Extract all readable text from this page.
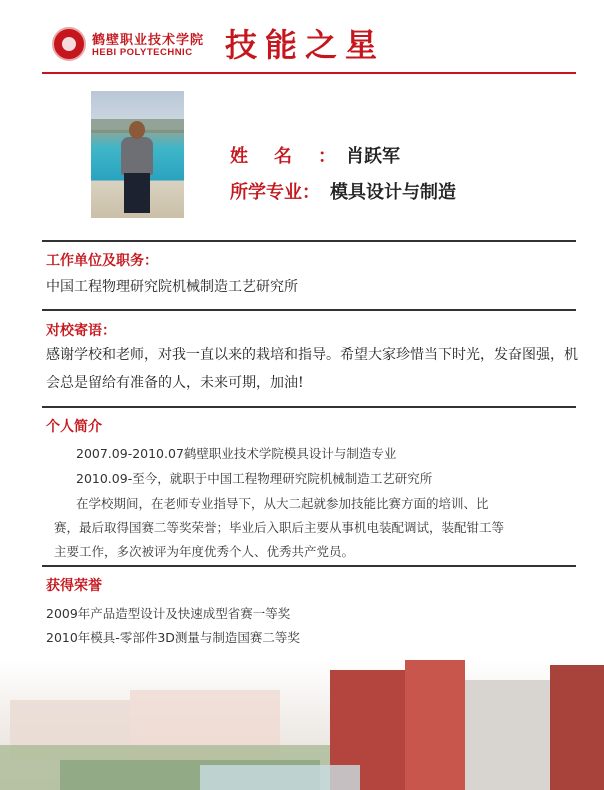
鹤壁职业技术学院
HEBI POLYTECHNIC 技能之星
姓名： 肖跃军
所学专业： 模具设计与制造
工作单位及职务：
中国工程物理研究院机械制造工艺研究所
对校寄语：
感谢学校和老师，对我一直以来的栽培和指导。希望大家珍惜当下时光，发奋图强，机会总是留给有准备的人，未来可期，加油!
个人简介
2007.09-2010.07鹤壁职业技术学院模具设计与制造专业
2010.09-至今，就职于中国工程物理研究院机械制造工艺研究所
在学校期间，在老师专业指导下，从大二起就参加技能比赛方面的培训、比
赛，最后取得国赛二等奖荣誉；毕业后入职后主要从事机电装配调试，装配钳工等
主要工作，多次被评为年度优秀个人、优秀共产党员。
获得荣誉
2009年产品造型设计及快速成型省赛一等奖
2010年模具-零部件3D测量与制造国赛二等奖
